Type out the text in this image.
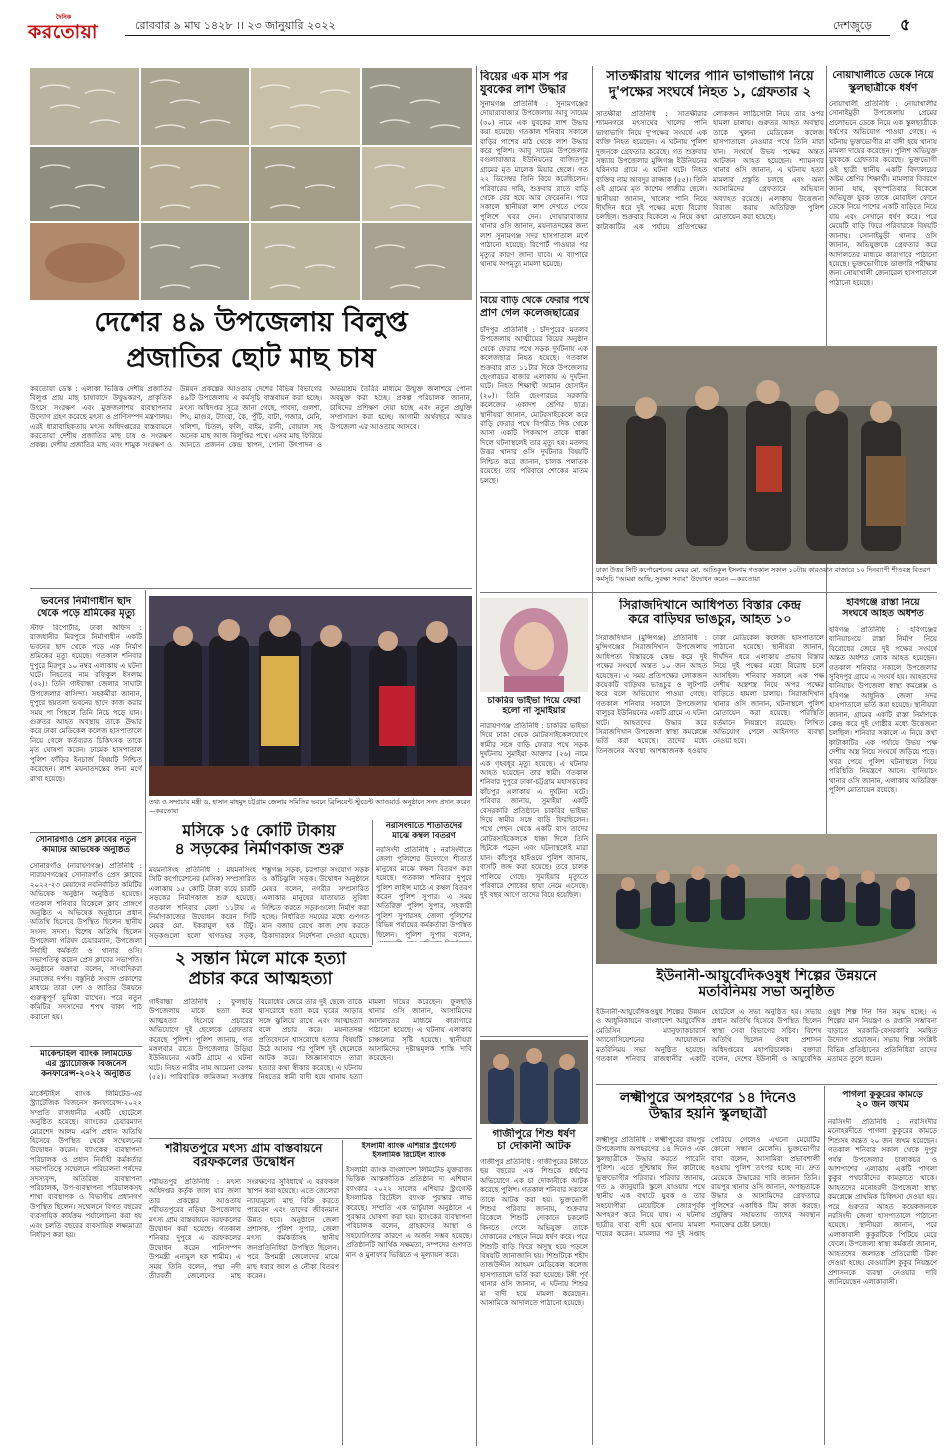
দৈনিক
করতোয়া	রোববার ৯ মাঘ ১৪২৮ ।। ২৩ জানুয়ারি ২০২২	দেশজুড়ে ৫
দেশের ৪৯ উপজেলায় বিলুপ্ত
প্রজাতির ছোট মাছ চাষ
করতোয়া ডেস্ক : এলাকা ভিত্তিক দেশীয় প্রজাতির বিলুপ্ত প্রায় মাছ চাষাবাদে উদ্বুদ্ধকরণ, প্রাকৃতিক উৎসে সংরক্ষণ এবং মুক্তজলাশয় ব্যবস্থাপনার উদ্যোগ গ্রহণ করেছে মৎস্য ও প্রাণিসম্পদ মন্ত্রণালয়। এরই ধারাবাহিকতায় মৎস্য অধিদপ্তরের বাস্তবায়নে করতোয়া দেশীয় প্রজাতির মাছ চাষ ও সংরক্ষণ প্রকল্প। দেশীয় প্রজাতির মাছ এবং শামুক সংরক্ষণ ও উন্নয়ন প্রকল্পের আওতায় দেশের বিভিন্ন বিভাগের ৪৯টি উপজেলায় এ কর্মসূচি বাস্তবায়ন করা হচ্ছে। মৎস্য অধিদপ্তর সূত্রে জানা গেছে, পাবদা, গুলশা, শিং, মাগুর, ট্যাংরা, কৈ, পুঁটি, বাটা, গজার, মেনি, খলিশা, চিতল, ফলি, বাইম, রানী, বোয়াল সহ অনেক মাছ আজ বিলুপ্তির পথে। এসব মাছ ফিরিয়ে আনতে প্রজনন কেন্দ্র স্থাপন, পোনা উৎপাদন ও অভয়াশ্রম তৈরির মাধ্যমে উন্মুক্ত জলাশয়ে পোনা অবমুক্ত করা হচ্ছে। প্রকল্প পরিচালক জানান, চাষিদের প্রশিক্ষণ দেয়া হচ্ছে এবং নতুন প্রযুক্তি সম্প্রসারণ করা হচ্ছে। আগামী অর্থবছরে আরও উপজেলা এর আওতায় আসবে।
বিয়ের এক মাস পর
যুবকের লাশ উদ্ধার
সুনামগঞ্জ প্রতিনিধি : সুনামগঞ্জের দোয়ারাবাজার উপজেলায় আবু সায়েম (৩০) নামে এক যুবকের লাশ উদ্ধার করা হয়েছে। গতকাল শনিবার সকালে বাড়ির পাশের মাঠ থেকে লাশ উদ্ধার করে পুলিশ। আবু সায়েম উপজেলার বগুলাবাজার ইউনিয়নের বাজিতপুর গ্রামের মৃত মালেক মিয়ার ছেলে। গত ২২ ডিসেম্বর তিনি বিয়ে করেছিলেন। পরিবারের দাবি, শুক্রবার রাতে বাড়ি থেকে বের হয়ে আর ফেরেননি। পরে সকালে স্থানীয়রা লাশ দেখতে পেয়ে পুলিশে খবর দেন। দোয়ারাবাজার থানার ওসি জানান, ময়নাতদন্তের জন্য লাশ সুনামগঞ্জ সদর হাসপাতাল মর্গে পাঠানো হয়েছে। রিপোর্ট পাওয়ার পর মৃত্যুর কারণ জানা যাবে। এ ব্যাপারে থানায় অপমৃত্যু মামলা হয়েছে।
বিয়ে বাড়ি থেকে ফেরার পথে
প্রাণ গেল কলেজছাত্রের
চাঁদপুর প্রতিনিধি : চাঁদপুরের মতলব উপজেলায় আত্মীয়ের বিয়ের অনুষ্ঠান থেকে ফেরার পথে সড়ক দুর্ঘটনায় এক কলেজছাত্র নিহত হয়েছে। গতকাল শুক্রবার রাত ১১টার দিকে উপজেলার ছেংগারচর বাজার এলাকায় এ দুর্ঘটনা ঘটে। নিহত শিক্ষার্থী আমান হোসাইন (২০)। তিনি ছেংগারচর সরকারি কলেজের একাদশ শ্রেণির ছাত্র। স্থানীয়রা জানান, মোটরসাইকেলে করে বাড়ি ফেরার পথে বিপরীত দিক থেকে আসা একটি পিকআপ তাকে ধাক্কা দিলে ঘটনাস্থলেই তার মৃত্যু হয়। মতলব উত্তর থানার ওসি দুর্ঘটনার বিষয়টি নিশ্চিত করে জানান, চালক পলাতক রয়েছে। তার পরিবারে শোকের মাতম চলছে।
সাতক্ষীরায় খালের পানি ভাগাভাগি নিয়ে
দু'পক্ষের সংঘর্ষে নিহত ১, গ্রেফতার ২
সাতক্ষীরা প্রতিনিধি : সাতক্ষীরার শ্যামনগরে মৎস্যঘের খালের পানি ভাগাভাগি নিয়ে দু'পক্ষের সংঘর্ষে এক ব্যক্তি নিহত হয়েছেন। এ ঘটনায় পুলিশ দুজনকে গ্রেফতার করেছে। গত শুক্রবার সন্ধ্যায় উপজেলার মুন্সিগঞ্জ ইউনিয়নের হরিনগর গ্রামে এ ঘটনা ঘটে। নিহত ব্যক্তির নাম আবদুর রাজ্জাক (৫৫)। তিনি ওই গ্রামের মৃত কাশেম গাজীর ছেলে। স্থানীয়রা জানান, খালের পানি নিয়ে দীর্ঘদিন ধরে দুই পক্ষের মধ্যে বিরোধ চলছিল। শুক্রবার বিকেলে এ নিয়ে কথা কাটাকাটির এক পর্যায়ে প্রতিপক্ষের লোকজন লাঠিসোটা নিয়ে তার ওপর হামলা চালায়। গুরুতর আহত অবস্থায় তাকে খুলনা মেডিকেল কলেজ হাসপাতালে নেওয়ার পথে তিনি মারা যান। সংঘর্ষে উভয় পক্ষের অন্তত আটজন আহত হয়েছেন। শ্যামনগর থানার ওসি জানান, এ ঘটনায় হত্যা মামলার প্রস্তুতি চলছে এবং অন্য আসামিদের গ্রেফতারে অভিযান অব্যাহত রয়েছে। এলাকায় উত্তেজনা বিরাজ করায় অতিরিক্ত পুলিশ মোতায়েন করা হয়েছে।
নোয়াখালীতে ডেকে নিয়ে
স্কুলছাত্রীকে ধর্ষণ
নোয়াখালী প্রতিনিধি : নোয়াখালীর সোনাইমুড়ী উপজেলায় প্রেমের প্রলোভনে ডেকে নিয়ে এক স্কুলছাত্রীকে ধর্ষণের অভিযোগ পাওয়া গেছে। এ ঘটনায় ভুক্তভোগীর মা বাদী হয়ে থানায় মামলা দায়ের করেছেন। পুলিশ অভিযুক্ত যুবককে গ্রেফতার করেছে। ভুক্তভোগী ওই ছাত্রী স্থানীয় একটি বিদ্যালয়ের অষ্টম শ্রেণির শিক্ষার্থী। মামলার বিবরণে জানা যায়, বৃহস্পতিবার বিকেলে অভিযুক্ত যুবক তাকে মোবাইল ফোনে ডেকে নিয়ে পাশের একটি বাড়িতে নিয়ে যায় এবং সেখানে ধর্ষণ করে। পরে মেয়েটি বাড়ি ফিরে পরিবারকে বিষয়টি জানায়। সোনাইমুড়ী থানার ওসি জানান, অভিযুক্তকে গ্রেফতার করে আদালতের মাধ্যমে কারাগারে পাঠানো হয়েছে। ভুক্তভোগীকে ডাক্তারি পরীক্ষার জন্য নোয়াখালী জেনারেল হাসপাতালে পাঠানো হয়েছে।
ঢাকা উত্তর সিটি কর্পোরেশনের মেয়র মো. আতিকুল ইসলাম গতকাল সকাল ১০টায় কারওয়ান বাজারে ১০ দিনব্যাপী শীতবস্ত্র বিতরণ কর্মসূচি "আমরা আছি, সুরক্ষা সবার" উদ্বোধন করেন —করতোয়া
ভবনের নির্মাণাধীন ছাদ
থেকে পড়ে শ্রমিকের মৃত্যু
স্টাফ রিপোর্টার, ঢাকা অফিস : রাজধানীর মিরপুরে নির্মাণাধীন একটি ভবনের ছাদ থেকে পড়ে এক নির্মাণ শ্রমিকের মৃত্যু হয়েছে। গতকাল শনিবার দুপুরে মিরপুর ১০ নম্বর এলাকায় এ ঘটনা ঘটে। নিহতের নাম রফিকুল ইসলাম (৩২)। তিনি গাইবান্ধা জেলার সাঘাটা উপজেলার বাসিন্দা। সহকর্মীরা জানান, দুপুরে ছয়তলা ভবনের ছাদে কাজ করার সময় পা পিছলে তিনি নিচে পড়ে যান। গুরুতর আহত অবস্থায় তাকে উদ্ধার করে ঢাকা মেডিকেল কলেজ হাসপাতালে নিয়ে গেলে কর্তব্যরত চিকিৎসক তাকে মৃত ঘোষণা করেন। ঢামেক হাসপাতাল পুলিশ ফাঁড়ির ইনচার্জ বিষয়টি নিশ্চিত করেছেন। লাশ ময়নাতদন্তের জন্য মর্গে রাখা হয়েছে।
সোনারগাঁও প্রেস ক্লাবের নতুন
কমিটির অভিষেক অনুষ্ঠিত
সোনারগাঁও (নারায়ণগঞ্জ) প্রতিনিধি : নারায়ণগঞ্জের সোনারগাঁও প্রেস ক্লাবের ২০২২-২৩ মেয়াদের নবনির্বাচিত কমিটির অভিষেক অনুষ্ঠান অনুষ্ঠিত হয়েছে। গতকাল শনিবার বিকেলে ক্লাব প্রাঙ্গণে অনুষ্ঠিত এ অভিষেক অনুষ্ঠানে প্রধান অতিথি হিসেবে উপস্থিত ছিলেন স্থানীয় সংসদ সদস্য। বিশেষ অতিথি ছিলেন উপজেলা পরিষদ চেয়ারম্যান, উপজেলা নির্বাহী কর্মকর্তা ও থানার ওসি। সভাপতিত্ব করেন প্রেস ক্লাবের সভাপতি। অনুষ্ঠানে বক্তারা বলেন, সাংবাদিকরা সমাজের দর্পণ। বস্তুনিষ্ঠ সংবাদ প্রকাশের মাধ্যমে তারা দেশ ও জাতির উন্নয়নে গুরুত্বপূর্ণ ভূমিকা রাখেন। পরে নতুন কমিটির সদস্যদের শপথ বাক্য পাঠ করানো হয়।
মার্কেন্টাইল ব্যাংক লিমিটেড
এর স্ট্র্যাটেজিক বিজনেস
কনফারেন্স-২০২২ অনুষ্ঠিত
মার্কেন্টাইল ব্যাংক লিমিটেড-এর স্ট্র্যাটেজিক বিজনেস কনফারেন্স-২০২২ সম্প্রতি রাজধানীর একটি হোটেলে অনুষ্ঠিত হয়েছে। ব্যাংকের চেয়ারম্যান মোরশেদ আলম এমপি প্রধান অতিথি হিসেবে উপস্থিত থেকে সম্মেলনের উদ্বোধন করেন। ব্যাংকের ব্যবস্থাপনা পরিচালক ও প্রধান নির্বাহী কর্মকর্তার সভাপতিত্বে সম্মেলনে পরিচালনা পর্ষদের সদস্যবৃন্দ, অতিরিক্ত ব্যবস্থাপনা পরিচালক, উপ-ব্যবস্থাপনা পরিচালকসহ শাখা ব্যবস্থাপক ও বিভাগীয় প্রধানগণ উপস্থিত ছিলেন। সম্মেলনে বিগত বছরের ব্যবসায়িক কার্যক্রম পর্যালোচনা করা হয় এবং চলতি বছরের ব্যবসায়িক লক্ষ্যমাত্রা নির্ধারণ করা হয়।
তথ্য ও সম্প্রচার মন্ত্রী ড. হাসান মাহমুদ চট্টগ্রাম জেলার সমিতির ভবনে ব্রিলিয়েন্ট স্টুডেন্ট অ্যাওয়ার্ড অনুষ্ঠানে সনদ প্রদান করেন —করতোয়া
মসিকে ১৫ কোটি টাকায়
৪ সড়কের নির্মাণকাজ শুরু
ময়মনসিংহ প্রতিনিধি : ময়মনসিংহ সিটি কর্পোরেশনের (মসিক) সম্প্রসারিত এলাকায় ১৫ কোটি টাকা ব্যয়ে চারটি সড়কের নির্মাণকাজ শুরু হয়েছে। গতকাল শনিবার বেলা ১১টায় এ নির্মাণকাজের উদ্বোধন করেন সিটি মেয়র মো. ইকরামুল হক টিটু। সড়কগুলো হলো খাগডহর সড়ক, শম্ভুগঞ্জ সড়ক, চরপাড়া সংযোগ সড়ক ও কাঁচিঝুলি সড়ক। উদ্বোধন অনুষ্ঠানে মেয়র বলেন, নগরীর সম্প্রসারিত এলাকার মানুষের যাতায়াত সুবিধা নিশ্চিত করতে সড়কগুলো নির্মাণ করা হচ্ছে। নির্ধারিত সময়ের মধ্যে গুণগত মান বজায় রেখে কাজ শেষ করতে ঠিকাদারদের নির্দেশনা দেওয়া হয়েছে।
নরসিংদীতে শীতার্তদের
মাঝে কম্বল বিতরণ
২ সন্তান মিলে মাকে হত্যা
প্রচার করে আত্মহত্যা
গাইবান্ধা প্রতিনিধি : ফুলছড়ি উপজেলায় মাকে হত্যা করে আত্মহত্যা হিসেবে প্রচারের অভিযোগে দুই ছেলেকে গ্রেফতার করেছে পুলিশ। পুলিশ জানায়, গত মঙ্গলবার রাতে উপজেলার উড়িয়া ইউনিয়নের একটি গ্রামে এ ঘটনা ঘটে। নিহত নারীর নাম আমেনা বেগম (৫৫)। পারিবারিক জমিজমা সংক্রান্ত বিরোধের জেরে তার দুই ছেলে তাকে শ্বাসরোধে হত্যা করে ঘরের আড়ার সঙ্গে ঝুলিয়ে রাখে এবং আত্মহত্যা বলে প্রচার করে। ময়নাতদন্ত প্রতিবেদনে শ্বাসরোধে হত্যার বিষয়টি উঠে আসার পর পুলিশ দুই ছেলেকে আটক করে। জিজ্ঞাসাবাদে তারা হত্যার কথা স্বীকার করেছে। এ ঘটনায় নিহতের স্বামী বাদী হয়ে থানায় হত্যা মামলা দায়ের করেছেন। ফুলছড়ি থানার ওসি জানান, আসামিদের আদালতের মাধ্যমে কারাগারে পাঠানো হয়েছে। এ ঘটনায় এলাকায় চাঞ্চল্যের সৃষ্টি হয়েছে। স্থানীয়রা আসামিদের দৃষ্টান্তমূলক শাস্তি দাবি করেছেন।
শরীয়তপুরে মৎস্য গ্রাম বাস্তবায়নে
বরফকলের উদ্বোধন
শরীয়তপুর প্রতিনিধি : মৎস্য অধিদপ্তর কর্তৃক জাল যার জলা তার প্রকল্পের আওতায় শরীয়তপুরের নড়িয়া উপজেলায় মৎস্য গ্রাম বাস্তবায়নে বরফকলের উদ্বোধন করা হয়েছে। গতকাল শনিবার দুপুরে এ বরফকলের উদ্বোধন করেন পানিসম্পদ উপমন্ত্রী এনামুল হক শামীম। এ সময় তিনি বলেন, পদ্মা নদী তীরবর্তী জেলেদের মাছ সংরক্ষণের সুবিধার্থে এ বরফকল স্থাপন করা হয়েছে। এতে জেলেরা ন্যায্যমূল্যে মাছ বিক্রি করতে পারবেন এবং তাদের জীবনমান উন্নত হবে। অনুষ্ঠানে জেলা প্রশাসক, পুলিশ সুপার, জেলা মৎস্য কর্মকর্তাসহ স্থানীয় জনপ্রতিনিধিরা উপস্থিত ছিলেন। পরে উপমন্ত্রী জেলেদের মাঝে মাছ ধরার জাল ও নৌকা বিতরণ করেন।
ইসলামী ব্যাংক এশিয়ার স্ট্রংগেস্ট
ইসলামিক রিটেইল ব্যাংক
ইসলামী ব্যাংক বাংলাদেশ লিমিটেড যুক্তরাজ্য ভিত্তিক আন্তর্জাতিক প্রতিষ্ঠান দ্য এশিয়ান ব্যাংকার ২০২২ সালের এশিয়ার স্ট্রংগেস্ট ইসলামিক রিটেইল ব্যাংক পুরস্কার লাভ করেছে। সম্প্রতি এক ভার্চুয়াল অনুষ্ঠানে এ পুরস্কার ঘোষণা করা হয়। ব্যাংকের ব্যবস্থাপনা পরিচালক বলেন, গ্রাহকদের আস্থা ও সহযোগিতার কারণে এ অর্জন সম্ভব হয়েছে। প্রতিষ্ঠানটি আর্থিক সক্ষমতা, সম্পদের গুণগত মান ও মুনাফার ভিত্তিতে এ মূল্যায়ন করে।
চাকরির ভাইভা দিয়ে ফেরা
হলো না সুমাইয়ার
নারায়ণগঞ্জ প্রতিনিধি : চাকরির ভাইভা দিয়ে ঢাকা থেকে মোটরসাইকেলযোগে স্বামীর সঙ্গে বাড়ি ফেরার পথে সড়ক দুর্ঘটনায় সুমাইয়া আক্তার (২৬) নামে এক গৃহবধূর মৃত্যু হয়েছে। এ ঘটনায় আহত হয়েছেন তার স্বামী। গতকাল শনিবার দুপুরে ঢাকা-চট্টগ্রাম মহাসড়কের কাঁচপুর এলাকায় এ দুর্ঘটনা ঘটে। পরিবার জানায়, সুমাইয়া একটি বেসরকারি প্রতিষ্ঠানে চাকরির ভাইভা দিয়ে স্বামীর সঙ্গে বাড়ি ফিরছিলেন। পথে পেছন থেকে একটি বাস তাদের মোটরসাইকেলকে ধাক্কা দিলে তিনি ছিটকে পড়েন এবং ঘটনাস্থলেই মারা যান। কাঁচপুর হাইওয়ে পুলিশ জানায়, বাসটি জব্দ করা হয়েছে। তবে চালক পালিয়ে গেছে। সুমাইয়ার মৃত্যুতে পরিবারে শোকের ছায়া নেমে এসেছে। দুই বছর আগে তাদের বিয়ে হয়েছিল।
নরসিংদী প্রতিনিধি : নরসিংদীতে জেলা পুলিশের উদ্যোগে শীতার্ত মানুষের মাঝে কম্বল বিতরণ করা হয়েছে। গতকাল শনিবার দুপুরে পুলিশ লাইন্স মাঠে এ কম্বল বিতরণ করেন পুলিশ সুপার। এ সময় অতিরিক্ত পুলিশ সুপার, সহকারী পুলিশ সুপারসহ জেলা পুলিশের বিভিন্ন পর্যায়ের কর্মকর্তারা উপস্থিত ছিলেন। পুলিশ সুপার বলেন,
গাজীপুরে শিশু ধর্ষণ
চা দোকানী আটক
গাজীপুর প্রতিনিধি : গাজীপুরের টঙ্গীতে ছয় বছরের এক শিশুকে ধর্ষণের অভিযোগে এক চা দোকানীকে আটক করেছে পুলিশ। গতকাল শনিবার সকালে তাকে আটক করা হয়। ভুক্তভোগী শিশুর পরিবার জানায়, শুক্রবার বিকেলে শিশুটি দোকানে চকলেট কিনতে গেলে অভিযুক্ত তাকে দোকানের পেছনে নিয়ে ধর্ষণ করে। পরে শিশুটি বাড়ি ফিরে অসুস্থ হয়ে পড়লে বিষয়টি জানাজানি হয়। শিশুটিকে শহীদ তাজউদ্দীন আহমদ মেডিকেল কলেজ হাসপাতালে ভর্তি করা হয়েছে। টঙ্গী পূর্ব থানার ওসি জানান, এ ঘটনায় শিশুর মা বাদী হয়ে মামলা করেছেন। আসামিকে আদালতে পাঠানো হয়েছে।
সিরাজদিখানে আধিপত্য বিস্তার কেন্দ্র
করে বাড়িঘর ভাঙচুর, আহত ১০
সিরাজদিখান (মুন্সিগঞ্জ) প্রতিনিধি : মুন্সিগঞ্জের সিরাজদিখান উপজেলায় আধিপত্য বিস্তারকে কেন্দ্র করে দুই পক্ষের সংঘর্ষে অন্তত ১০ জন আহত হয়েছেন। এ সময় প্রতিপক্ষের লোকজন কয়েকটি বাড়িঘর ভাঙচুর ও লুটপাট করে বলে অভিযোগ পাওয়া গেছে। গতকাল শনিবার সকালে উপজেলার বালুচর ইউনিয়নের একটি গ্রামে এ ঘটনা ঘটে। আহতদের উদ্ধার করে সিরাজদিখান উপজেলা স্বাস্থ্য কমপ্লেক্সে ভর্তি করা হয়েছে। তাদের মধ্যে তিনজনের অবস্থা আশঙ্কাজনক হওয়ায় ঢাকা মেডিকেল কলেজ হাসপাতালে পাঠানো হয়েছে। স্থানীয়রা জানান, দীর্ঘদিন ধরে এলাকায় প্রভাব বিস্তার নিয়ে দুই পক্ষের মধ্যে বিরোধ চলে আসছিল। শনিবার সকালে এক পক্ষ দেশীয় অস্ত্রশস্ত্র নিয়ে অপর পক্ষের বাড়িতে হামলা চালায়। সিরাজদিখান থানার ওসি জানান, ঘটনাস্থলে পুলিশ মোতায়েন করা হয়েছে। পরিস্থিতি বর্তমানে নিয়ন্ত্রণে রয়েছে। লিখিত অভিযোগ পেলে আইনগত ব্যবস্থা নেওয়া হবে।
হবিগঞ্জে রাস্তা নিয়ে
সংঘর্ষে আহত অর্ধশত
হবিগঞ্জ প্রতিনিধি : হবিগঞ্জের বানিয়াচংয়ে রাস্তা নির্মাণ নিয়ে বিরোধের জেরে দুই পক্ষের সংঘর্ষে অন্তত অর্ধশত লোক আহত হয়েছেন। গতকাল শনিবার সকালে উপজেলার সুবিদপুর গ্রামে এ সংঘর্ষ হয়। আহতদের বানিয়াচং উপজেলা স্বাস্থ্য কমপ্লেক্স ও হবিগঞ্জ আধুনিক জেলা সদর হাসপাতালে ভর্তি করা হয়েছে। স্থানীয়রা জানান, গ্রামের একটি রাস্তা নির্মাণকে কেন্দ্র করে দুই গোষ্ঠীর মধ্যে উত্তেজনা চলছিল। শনিবার সকালে এ নিয়ে কথা কাটাকাটির এক পর্যায়ে উভয় পক্ষ দেশীয় অস্ত্র নিয়ে সংঘর্ষে জড়িয়ে পড়ে। খবর পেয়ে পুলিশ ঘটনাস্থলে গিয়ে পরিস্থিতি নিয়ন্ত্রণে আনে। বানিয়াচং থানার ওসি জানান, এলাকায় অতিরিক্ত পুলিশ মোতায়েন রয়েছে।
ইউনানী-আয়ুর্বেদিকওষুধ শিল্পের উন্নয়নে
মতবিনিময় সভা অনুষ্ঠিত
ইউনানী-আয়ুর্বেদিকওষুধ শিল্পের উন্নয়ন ও আধুনিকায়নে বাংলাদেশ আয়ুর্বেদিক মেডিসিন ম্যানুফ্যাকচারার্স অ্যাসোসিয়েশনের আয়োজনে মতবিনিময় সভা অনুষ্ঠিত হয়েছে। গতকাল শনিবার রাজধানীর একটি হোটেলে এ সভা অনুষ্ঠিত হয়। সভায় প্রধান অতিথি হিসেবে উপস্থিত ছিলেন স্বাস্থ্য সেবা বিভাগের সচিব। বিশেষ অতিথি ছিলেন ঔষধ প্রশাসন অধিদপ্তরের মহাপরিচালক। বক্তারা বলেন, দেশের ইউনানী ও আয়ুর্বেদিক ওষুধ শিল্প দিন দিন সমৃদ্ধ হচ্ছে। এ শিল্পের মান নিয়ন্ত্রণ ও রপ্তানি সম্ভাবনা বাড়াতে সরকারি-বেসরকারি সমন্বিত উদ্যোগ প্রয়োজন। সভায় শিল্প সংশ্লিষ্ট বিভিন্ন প্রতিষ্ঠানের প্রতিনিধিরা তাদের মতামত তুলে ধরেন।
লক্ষ্মীপুরে অপহরণের ১৪ দিনেও
উদ্ধার হয়নি স্কুলছাত্রী
লক্ষ্মীপুর প্রতিনিধি : লক্ষ্মীপুরের রায়পুর উপজেলায় অপহরণের ১৪ দিনেও এক স্কুলছাত্রীকে উদ্ধার করতে পারেনি পুলিশ। এতে দুশ্চিন্তায় দিন কাটাচ্ছে ভুক্তভোগীর পরিবার। পরিবার জানায়, গত ৯ জানুয়ারি স্কুলে যাওয়ার পথে স্থানীয় এক বখাটে যুবক ও তার সহযোগীরা মেয়েটিকে জোরপূর্বক অপহরণ করে নিয়ে যায়। এ ঘটনায় ছাত্রীর বাবা বাদী হয়ে থানায় মামলা দায়ের করেন। মামলার পর দুই সপ্তাহ পেরিয়ে গেলেও এখনো মেয়েটির কোনো সন্ধান মেলেনি। ভুক্তভোগীর বাবা বলেন, আসামিরা প্রভাবশালী হওয়ায় পুলিশ তৎপর হচ্ছে না। দ্রুত মেয়েকে উদ্ধারের দাবি জানান তিনি। রায়পুর থানার ওসি জানান, অপহৃতাকে উদ্ধার ও আসামিদের গ্রেফতারে পুলিশের একাধিক টিম কাজ করছে। প্রযুক্তির সহায়তায় তাদের অবস্থান শনাক্তের চেষ্টা চলছে।
পাগলা কুকুরের কামড়ে
২০ জন জখম
নরসিংদী প্রতিনিধি : নরসিংদীর মনোহরদীতে পাগলা কুকুরের কামড়ে শিশুসহ অন্তত ২০ জন জখম হয়েছেন। গতকাল শনিবার সকাল থেকে দুপুর পর্যন্ত উপজেলার চালাকচর ও আশপাশের এলাকায় একটি পাগলা কুকুর পথচারীদের কামড়াতে থাকে। আহতদের মনোহরদী উপজেলা স্বাস্থ্য কমপ্লেক্সে প্রাথমিক চিকিৎসা দেওয়া হয়। পরে গুরুতর আহত কয়েকজনকে নরসিংদী জেলা হাসপাতালে পাঠানো হয়েছে। স্থানীয়রা জানান, পরে এলাকাবাসী কুকুরটিকে পিটিয়ে মেরে ফেলে। উপজেলা স্বাস্থ্য কর্মকর্তা জানান, আহতদের জলাতঙ্ক প্রতিরোধী টিকা দেওয়া হচ্ছে। বেওয়ারিশ কুকুর নিয়ন্ত্রণে প্রশাসনকে ব্যবস্থা নেওয়ার দাবি জানিয়েছেন এলাকাবাসী।
